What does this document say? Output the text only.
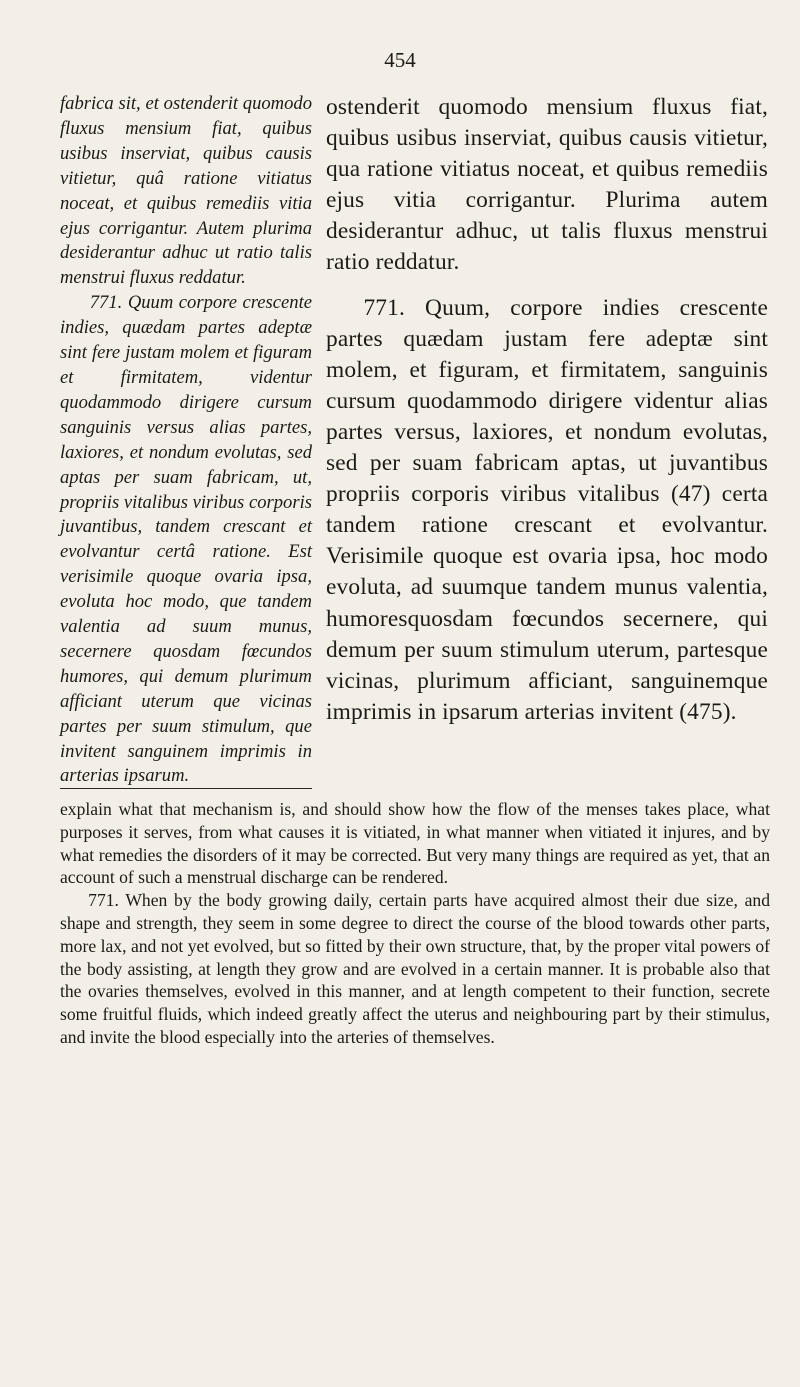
454

fabrica sit, et ostenderit quomodo fluxus mensium fiat, quibus usibus inserviat, quibus causis vitietur, quâ ratione vitiatus noceat, et quibus remediis vitia ejus corrigantur. Autem plurima desiderantur adhuc ut ratio talis menstrui fluxus reddatur.

771. Quum corpore crescente indies, quædam partes adeptæ sint fere justam molem et figuram et firmitatem, videntur quodammodo dirigere cursum sanguinis versus alias partes, laxiores, et nondum evolutas, sed aptas per suam fabricam, ut, propriis vitalibus viribus corporis juvantibus, tandem crescant et evolvantur certâ ratione. Est verisimile quoque ovaria ipsa, evoluta hoc modo, que tandem valentia ad suum munus, secernere quosdam fœcundos humores, qui demum plurimum afficiant uterum que vicinas partes per suum stimulum, que invitent sanguinem imprimis in arterias ipsarum.

ostenderit quomodo mensium fluxus fiat, quibus usibus inserviat, quibus causis vitietur, qua ratione vitiatus noceat, et quibus remediis ejus vitia corrigantur. Plurima autem desiderantur adhuc, ut talis fluxus menstrui ratio reddatur.

771. Quum, corpore indies crescente partes quædam justam fere adeptæ sint molem, et figuram, et firmitatem, sanguinis cursum quodammodo dirigere videntur alias partes versus, laxiores, et nondum evolutas, sed per suam fabricam aptas, ut juvantibus propriis corporis viribus vitalibus (47) certa tandem ratione crescant et evolvantur. Verisimile quoque est ovaria ipsa, hoc modo evoluta, ad suumque tandem munus valentia, humoresquosdam fœcundos secernere, qui demum per suum stimulum uterum, partesque vicinas, plurimum afficiant, sanguinemque imprimis in ipsarum arterias invitent (475).

explain what that mechanism is, and should show how the flow of the menses takes place, what purposes it serves, from what causes it is vitiated, in what manner when vitiated it injures, and by what remedies the disorders of it may be corrected. But very many things are required as yet, that an account of such a menstrual discharge can be rendered.

771. When by the body growing daily, certain parts have acquired almost their due size, and shape and strength, they seem in some degree to direct the course of the blood towards other parts, more lax, and not yet evolved, but so fitted by their own structure, that, by the proper vital powers of the body assisting, at length they grow and are evolved in a certain manner. It is probable also that the ovaries themselves, evolved in this manner, and at length competent to their function, secrete some fruitful fluids, which indeed greatly affect the uterus and neighbouring part by their stimulus, and invite the blood especially into the arteries of themselves.
